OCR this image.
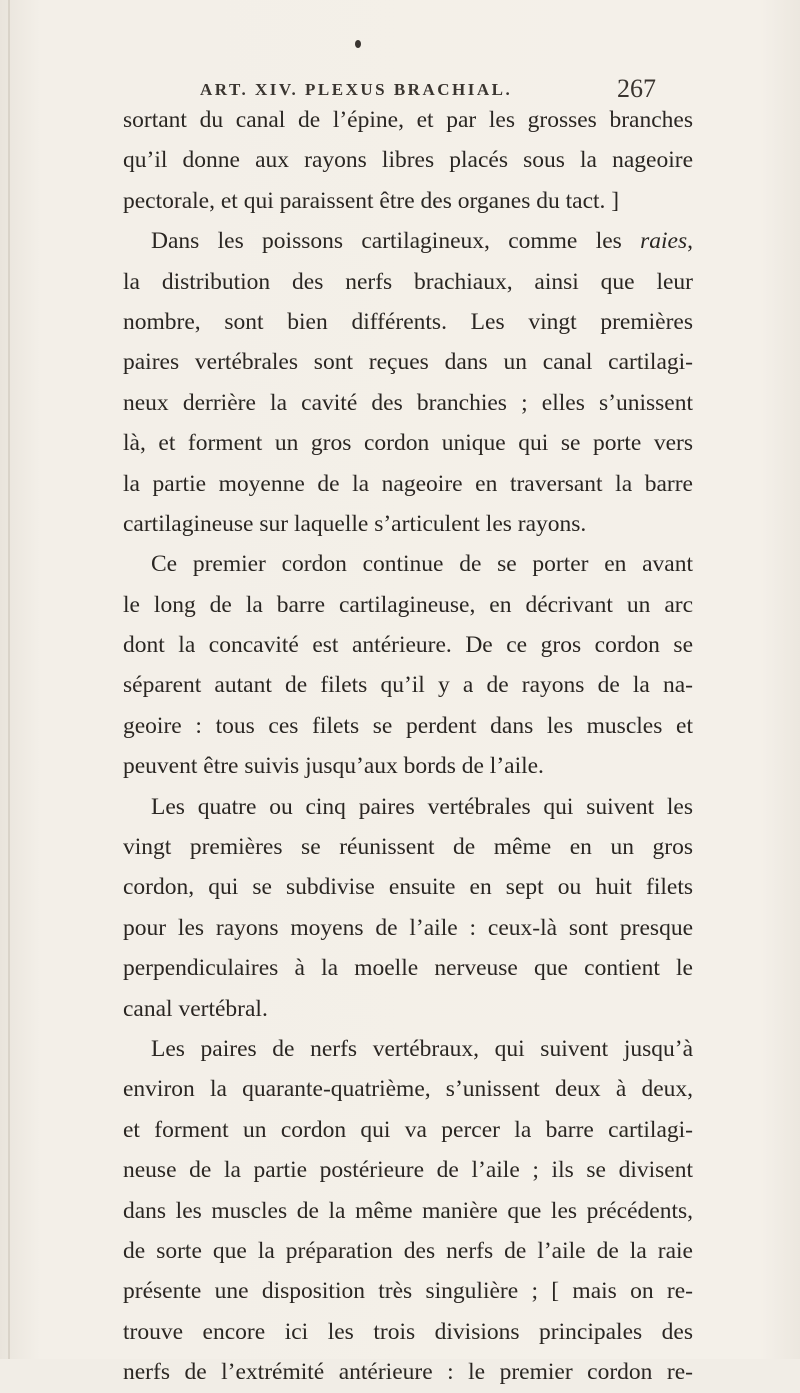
ART. XIV. PLEXUS BRACHIAL.	267
sortant du canal de l’épine, et par les grosses branches
qu’il donne aux rayons libres placés sous la nageoire
pectorale, et qui paraissent être des organes du tact. ]
Dans les poissons cartilagineux, comme les raies,
la distribution des nerfs brachiaux, ainsi que leur
nombre, sont bien différents. Les vingt premières
paires vertébrales sont reçues dans un canal cartilagi-
neux derrière la cavité des branchies ; elles s’unissent
là, et forment un gros cordon unique qui se porte vers
la partie moyenne de la nageoire en traversant la barre
cartilagineuse sur laquelle s’articulent les rayons.
Ce premier cordon continue de se porter en avant
le long de la barre cartilagineuse, en décrivant un arc
dont la concavité est antérieure. De ce gros cordon se
séparent autant de filets qu’il y a de rayons de la na-
geoire : tous ces filets se perdent dans les muscles et
peuvent être suivis jusqu’aux bords de l’aile.
Les quatre ou cinq paires vertébrales qui suivent les
vingt premières se réunissent de même en un gros
cordon, qui se subdivise ensuite en sept ou huit filets
pour les rayons moyens de l’aile : ceux-là sont presque
perpendiculaires à la moelle nerveuse que contient le
canal vertébral.
Les paires de nerfs vertébraux, qui suivent jusqu’à
environ la quarante-quatrième, s’unissent deux à deux,
et forment un cordon qui va percer la barre cartilagi-
neuse de la partie postérieure de l’aile ; ils se divisent
dans les muscles de la même manière que les précédents,
de sorte que la préparation des nerfs de l’aile de la raie
présente une disposition très singulière ; [ mais on re-
trouve encore ici les trois divisions principales des
nerfs de l’extrémité antérieure : le premier cordon re-
